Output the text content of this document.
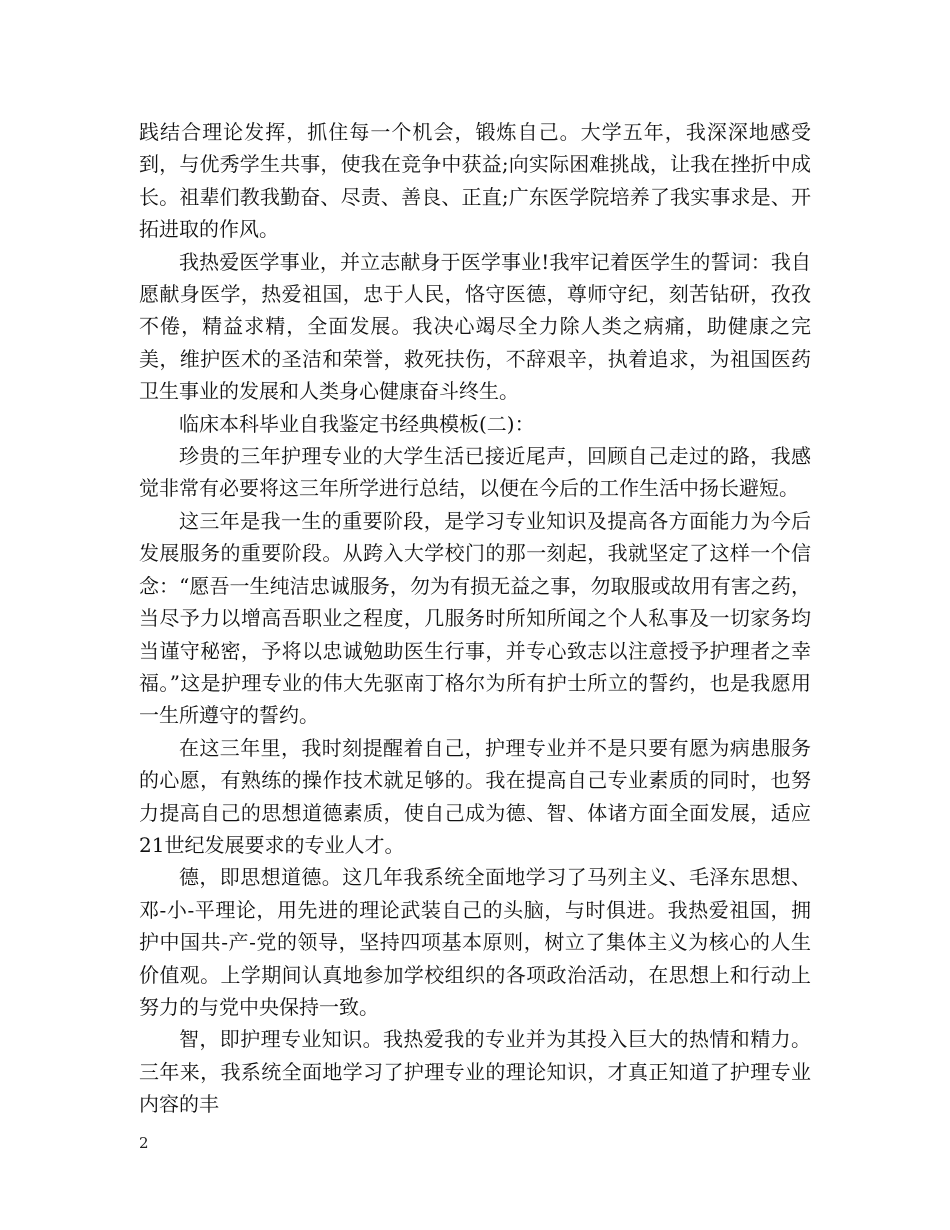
践结合理论发挥，抓住每一个机会，锻炼自己。大学五年，我深深地感受到，与优秀学生共事，使我在竞争中获益;向实际困难挑战，让我在挫折中成长。祖辈们教我勤奋、尽责、善良、正直;广东医学院培养了我实事求是、开拓进取的作风。

我热爱医学事业，并立志献身于医学事业!我牢记着医学生的誓词：我自愿献身医学，热爱祖国，忠于人民，恪守医德，尊师守纪，刻苦钻研，孜孜不倦，精益求精，全面发展。我决心竭尽全力除人类之病痛，助健康之完美，维护医术的圣洁和荣誉，救死扶伤，不辞艰辛，执着追求，为祖国医药卫生事业的发展和人类身心健康奋斗终生。

临床本科毕业自我鉴定书经典模板(二)：

珍贵的三年护理专业的大学生活已接近尾声，回顾自己走过的路，我感觉非常有必要将这三年所学进行总结，以便在今后的工作生活中扬长避短。

这三年是我一生的重要阶段，是学习专业知识及提高各方面能力为今后发展服务的重要阶段。从跨入大学校门的那一刻起，我就坚定了这样一个信念：“愿吾一生纯洁忠诚服务，勿为有损无益之事，勿取服或故用有害之药，当尽予力以增高吾职业之程度，几服务时所知所闻之个人私事及一切家务均当谨守秘密，予将以忠诚勉助医生行事，并专心致志以注意授予护理者之幸福。”这是护理专业的伟大先驱南丁格尔为所有护士所立的誓约，也是我愿用一生所遵守的誓约。

在这三年里，我时刻提醒着自己，护理专业并不是只要有愿为病患服务的心愿，有熟练的操作技术就足够的。我在提高自己专业素质的同时，也努力提高自己的思想道德素质，使自己成为德、智、体诸方面全面发展，适应21世纪发展要求的专业人才。

德，即思想道德。这几年我系统全面地学习了马列主义、毛泽东思想、邓-小-平理论，用先进的理论武装自己的头脑，与时俱进。我热爱祖国，拥护中国共-产-党的领导，坚持四项基本原则，树立了集体主义为核心的人生价值观。上学期间认真地参加学校组织的各项政治活动，在思想上和行动上努力的与党中央保持一致。

智，即护理专业知识。我热爱我的专业并为其投入巨大的热情和精力。三年来，我系统全面地学习了护理专业的理论知识，才真正知道了护理专业内容的丰

2
